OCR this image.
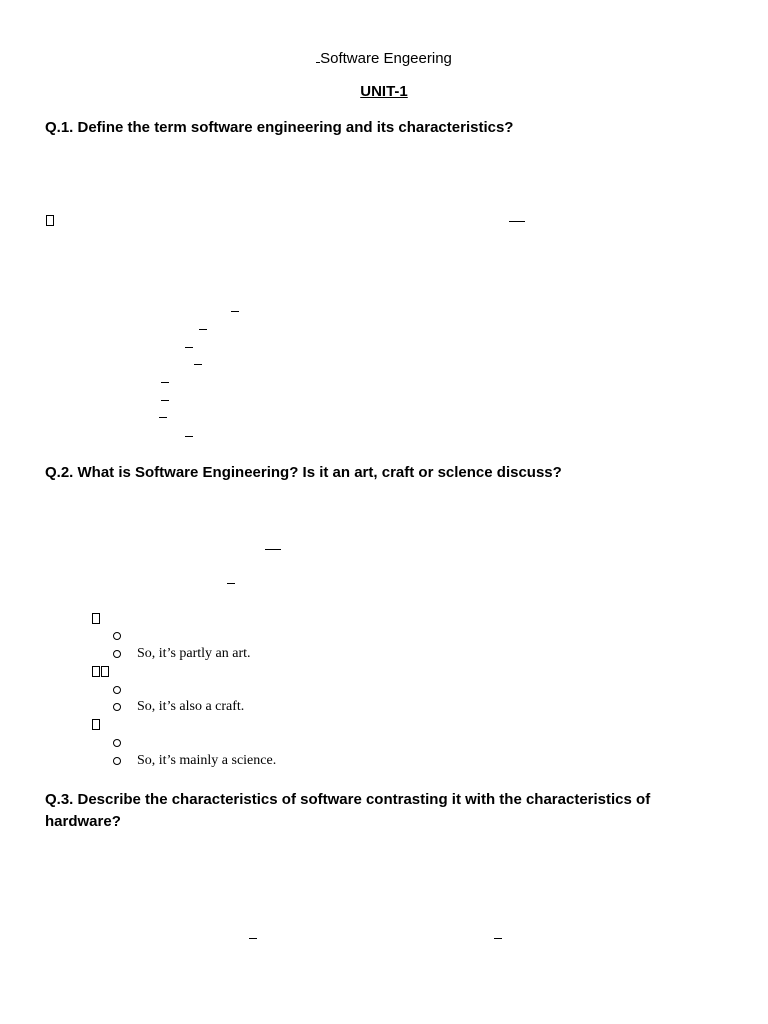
Software Engeering
UNIT-1
Q.1. Define the term software engineering and its characteristics?
Q.2. What is Software Engineering? Is it an art, craft or sclence discuss?
So, it’s partly an art.
So, it’s also a craft.
So, it’s mainly a science.
Q.3. Describe the characteristics of software contrasting it with the characteristics of hardware?
